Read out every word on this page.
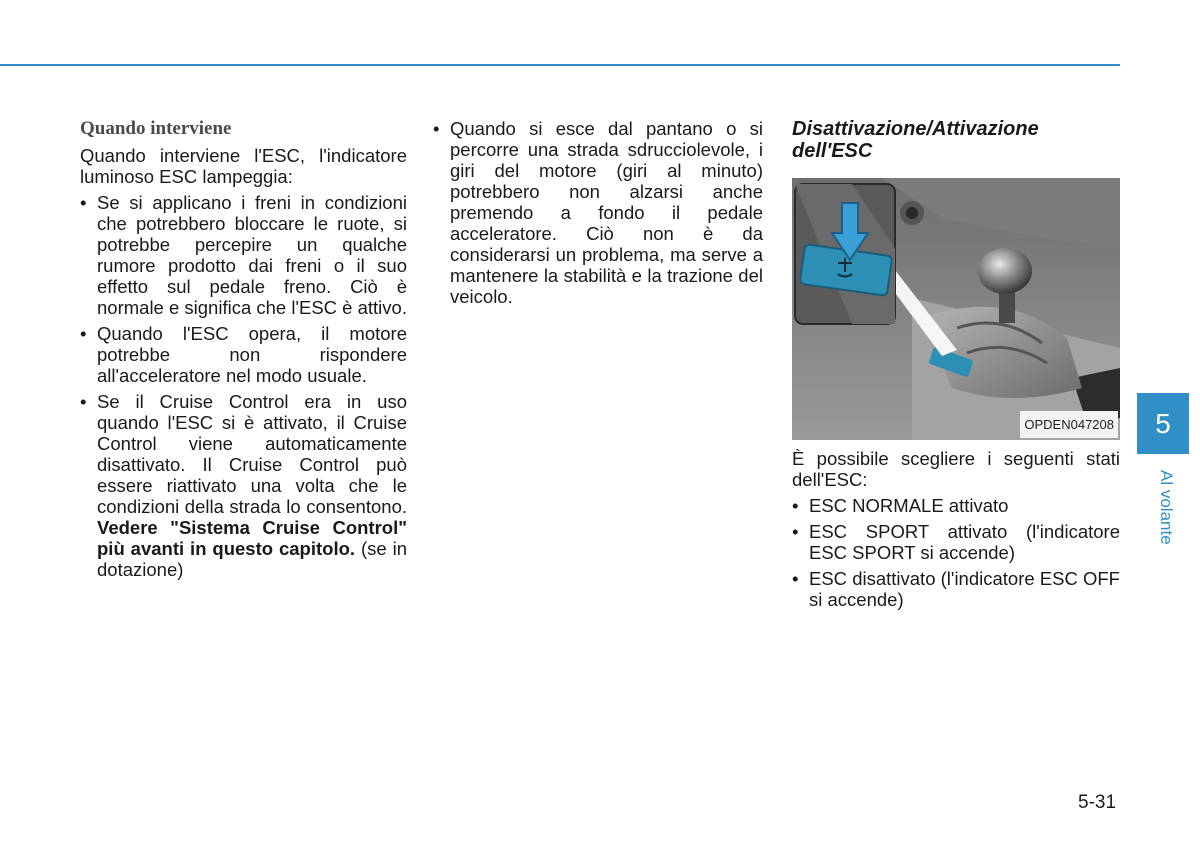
Quando interviene

Quando interviene l'ESC, l'indicatore luminoso ESC lampeggia:

• Se si applicano i freni in condizioni che potrebbero bloccare le ruote, si potrebbe percepire un qualche rumore prodotto dai freni o il suo effetto sul pedale freno. Ciò è normale e significa che l'ESC è attivo.
• Quando l'ESC opera, il motore potrebbe non rispondere all'acceleratore nel modo usuale.
• Se il Cruise Control era in uso quando l'ESC si è attivato, il Cruise Control viene automaticamente disattivato. Il Cruise Control può essere riattivato una volta che le condizioni della strada lo consentono. Vedere "Sistema Cruise Control" più avanti in questo capitolo. (se in dotazione)
• Quando si esce dal pantano o si percorre una strada sdrucciolevole, i giri del motore (giri al minuto) potrebbero non alzarsi anche premendo a fondo il pedale acceleratore. Ciò non è da considerarsi un problema, ma serve a mantenere la stabilità e la trazione del veicolo.
Disattivazione/Attivazione dell'ESC
OPDEN047208

È possibile scegliere i seguenti stati dell'ESC:

• ESC NORMALE attivato
• ESC SPORT attivato (l'indicatore ESC SPORT si accende)
• ESC disattivato (l'indicatore ESC OFF si accende)
5
Al volante
5-31
